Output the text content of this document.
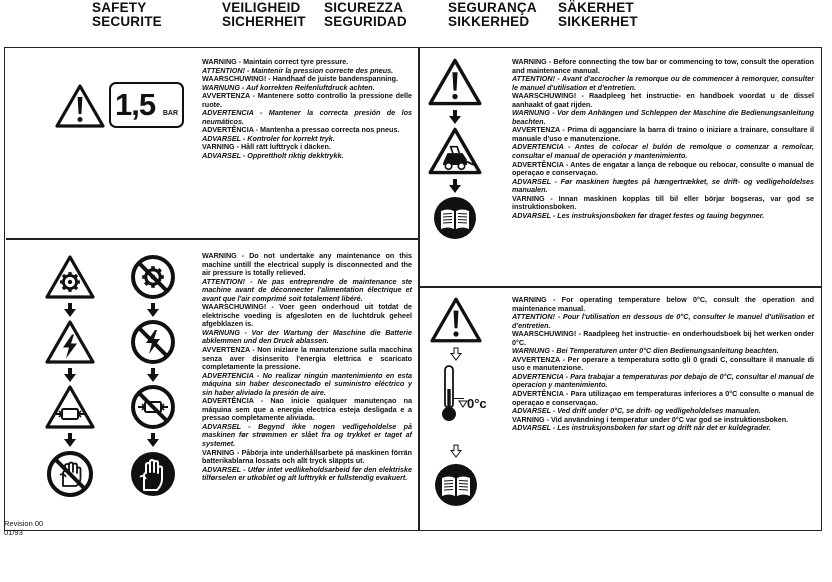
SAFETY
SECURITE
VEILIGHEID
SICHERHEIT
SICUREZZA
SEGURIDAD
SEGURANÇA
SIKKERHED
SÄKERHET
SIKKERHET
1,5 BAR

WARNING - Maintain correct tyre pressure.

ATTENTION! - Maintenir la pression correcte des pneus.

WAARSCHUWING! - Handhaaf de juiste bandenspanning.

WARNUNG - Auf korrekten Reifenluftdruck achten.

AVVERTENZA - Mantenere sotto controllo la pressione delle ruote.

ADVERTENCIA - Mantener la correcta presión de los neumáticos.

ADVERTÊNCIA - Mantenha a pressao correcta nos pneus.

ADVARSEL - Kontroler for korrekt tryk.

VARNING - Håll rätt lufttryck i däcken.

ADVARSEL - Opprettholt riktig dekktrykk.

WARNING - Do not undertake any maintenance on this machine untill the electrical supply is disconnected and the air pressure is totally relieved.

ATTENTION! - Ne pas entreprendre de maintenance ste machine avant de déconnecter l'alimentation électrique et avant que l'air comprimé soit totalement libéré.

WAARSCHUWING! - Voer geen onderhoud uit totdat de elektrische voeding is afgesloten en de luchtdruk geheel afgebklazen is.

WARNUNG - Vor der Wartung der Maschine die Batterie abklemmen und den Druck ablassen.

AVVERTENZA - Non iniziare la manutenzione sulla macchina senza aver disinserito l'energia elettrica e scaricato completamente la pressione.

ADVERTENCIA - No realizar ningún mantenimiento en esta máquina sin haber desconectado el suministro eléctrico y sin haber aliviado la presión de aire.

ADVERTÊNCIA - Nao inicie qualquer manutençao na máquina sem que a energia electrica esteja desligada e a pressao completamente aliviada.

ADVARSEL - Begynd ikke nogen vedligeholdelse på maskinen før strømmen er slået fra og trykket er taget af systemet.

VARNING - Påbörja inte underhållsarbete på maskinen förrän batterikablarna lossats och allt tryck släppts ut.

ADVARSEL - Utfør intet vedlikeholdsarbeid før den elektriske tilførselen er utkoblet og alt lufttrykk er fullstendig evakuert.

WARNING - Before connecting the tow bar or commencing to tow, consult the operation and maintenance manual.

ATTENTION! - Avant d'accrocher la remorque ou de commencer à remorquer, consulter le manuel d'utilisation et d'entretien.

WAARSCHUWING! - Raadpleeg het instructie- en handboek voordat u de dissel aanhaakt of gaat rijden.

WARNUNG - Vor dem Anhängen und Schleppen der Maschine die Bedienungsanleitung beachten.

AVVERTENZA - Prima di agganciare la barra di traino o iniziare a trainare, consultare il manuale d'uso e manutenzione.

ADVERTENCIA - Antes de colocar el bulón de remolque o comenzar a remolcar, consultar el manual de operación y mantenimiento.

ADVERTÊNCIA - Antes de engatar a lança de reboque ou rebocar, consulte o manual de operaçao e conservaçao.

ADVARSEL - Før maskinen hægtes på hængertrækket, se drift- og vedligeholdelses manualen.

VARNING - Innan maskinen kopplas till bil eller börjar bogseras, var god se instruktionsboken.

ADVARSEL - Les instruksjonsboken før draget festes og tauing begynner.

0°c

WARNING - For operating temperature below 0°C, consult the operation and maintenance manual.

ATTENTION! - Pour l'utilisation en dessous de 0°C, consulter le manuel d'utilisation et d'entretien.

WAARSCHUWING! - Raadpleeg het instructie- en onderhoudsboek bij het werken onder 0°C.

WARNUNG - Bei Temperaturen unter 0°C dien Bedienungsanleitung beachten.

AVVERTENZA - Per operare a temperatura sotto gli 0 gradi C, consultare il manuale di uso e manutenzione.

ADVERTENCIA - Para trabajar a temperaturas por debajo de 0°C, consultar el manual de operacion y mantenimiento.

ADVERTÊNCIA - Para utilizaçao em temperaturas inferiores a 0°C consulte o manual de operaçao e conservaçao.

ADVARSEL - Ved drift under 0°C, se drift- og vedligeholdelses manualen.

VARNING - Vid användning i temperatur under 0°C var god se instruktionsboken.

ADVARSEL - Les instruksjonsboken før start og drift når det er kuldegrader.

Revision 00
01/93
